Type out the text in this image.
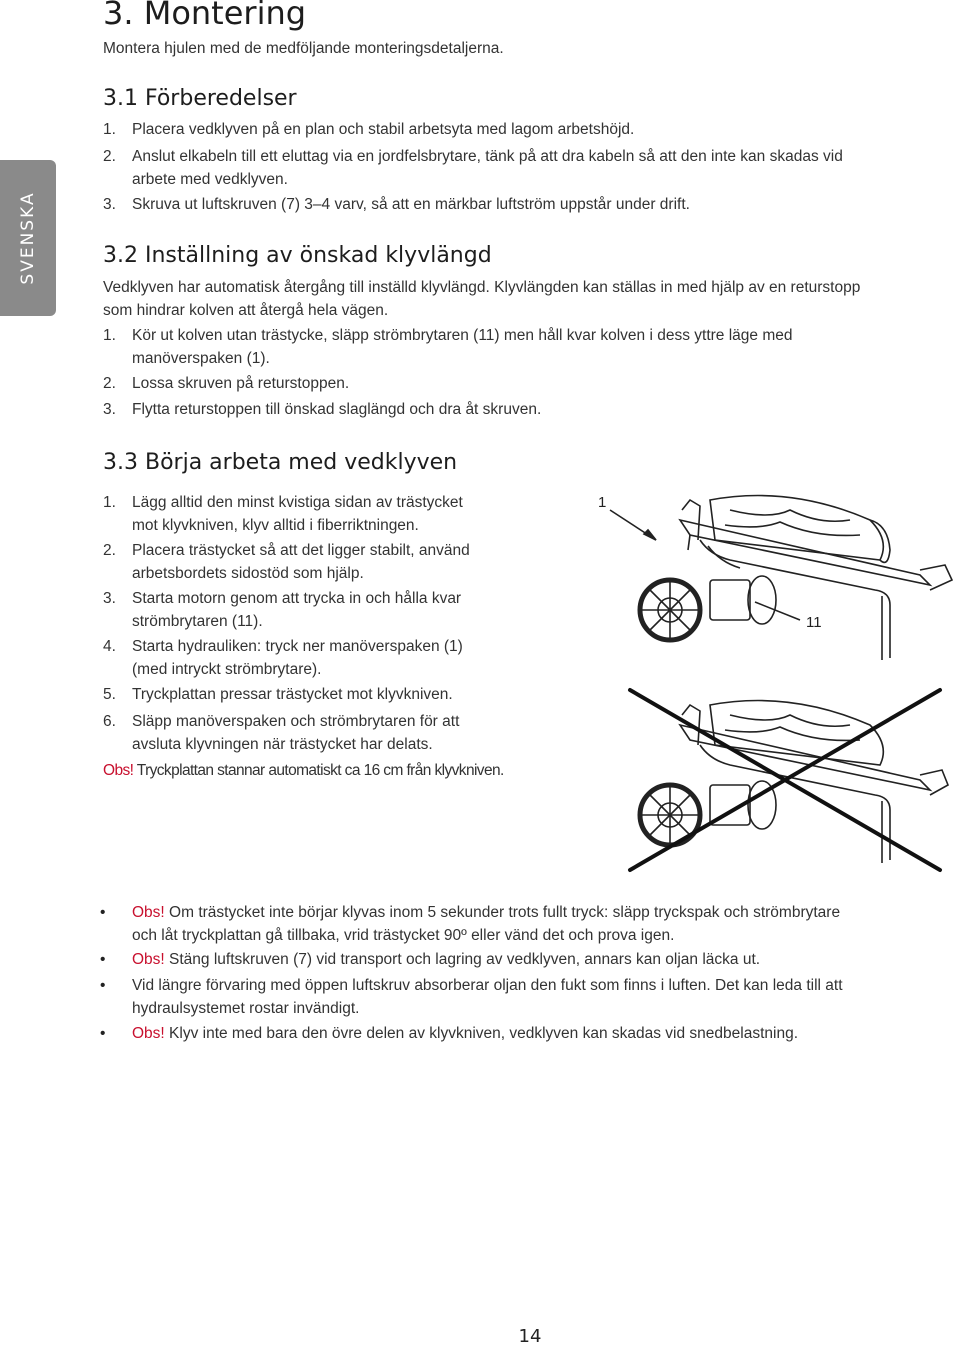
SVENSKA
3. Montering
Montera hjulen med de medföljande monteringsdetaljerna.
3.1 Förberedelser
1. Placera vedklyven på en plan och stabil arbetsyta med lagom arbetshöjd.
2. Anslut elkabeln till ett eluttag via en jordfelsbrytare, tänk på att dra kabeln så att den inte kan skadas vid
arbete med vedklyven.
3. Skruva ut luftskruven (7) 3–4 varv, så att en märkbar luftström uppstår under drift.
3.2 Inställning av önskad klyvlängd
Vedklyven har automatisk återgång till inställd klyvlängd. Klyvlängden kan ställas in med hjälp av en returstopp
som hindrar kolven att återgå hela vägen.
1. Kör ut kolven utan trästycke, släpp strömbrytaren (11) men håll kvar kolven i dess yttre läge med
manöverspaken (1).
2. Lossa skruven på returstoppen.
3. Flytta returstoppen till önskad slaglängd och dra åt skruven.
3.3 Börja arbeta med vedklyven
1. Lägg alltid den minst kvistiga sidan av trästycket
mot klyvkniven, klyv alltid i fiberriktningen.
2. Placera trästycket så att det ligger stabilt, använd
arbetsbordets sidostöd som hjälp.
3. Starta motorn genom att trycka in och hålla kvar
strömbrytaren (11).
4. Starta hydrauliken: tryck ner manöverspaken (1)
(med intryckt strömbrytare).
5. Tryckplattan pressar trästycket mot klyvkniven.
6. Släpp manöverspaken och strömbrytaren för att
avsluta klyvningen när trästycket har delats.
Obs! Tryckplattan stannar automatiskt ca 16 cm från klyvkniven.
1
11
• Obs! Om trästycket inte börjar klyvas inom 5 sekunder trots fullt tryck: släpp tryckspak och strömbrytare
och låt tryckplattan gå tillbaka, vrid trästycket 90º eller vänd det och prova igen.
• Obs! Stäng luftskruven (7) vid transport och lagring av vedklyven, annars kan oljan läcka ut.
• Vid längre förvaring med öppen luftskruv absorberar oljan den fukt som finns i luften. Det kan leda till att
hydraulsystemet rostar invändigt.
• Obs! Klyv inte med bara den övre delen av klyvkniven, vedklyven kan skadas vid snedbelastning.
14
